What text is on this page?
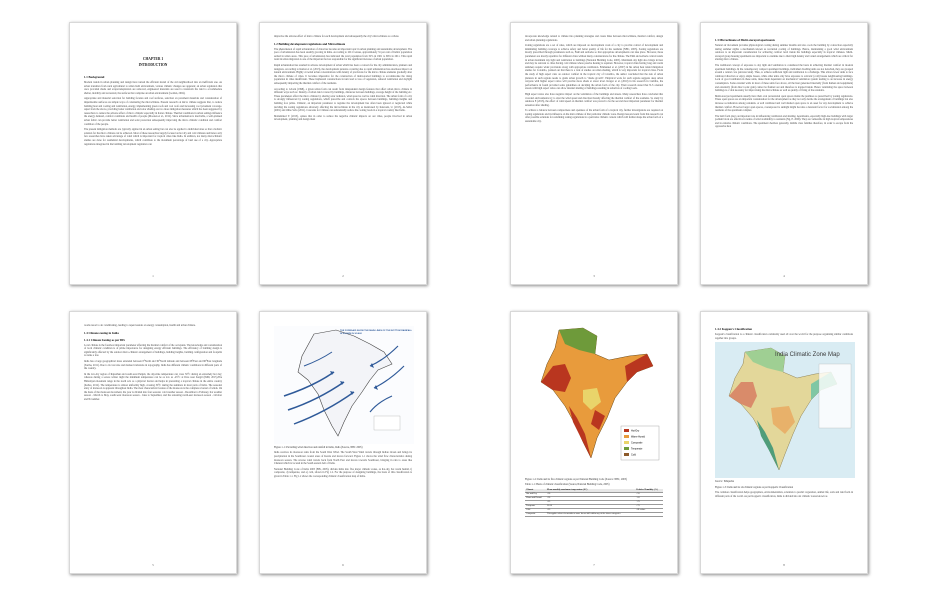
CHAPTER 1
INTRODUCTION
1.1 Background

Modern trends in urban planning and design have turned the efficient model of the old neighborhood into an inefficient one. As urban transition from rural agricultural to urban built environment, various climatic changes are apparent; an urban regulation that once provided shade and evapotranspiration are removed, engineered materials are used to transform the land to accommodate shelter, mobility and recreation; the surfaces that comprise an urban environment (Golden, 2004).

Appropriate and material selection for building facades and roof surfaces, selection on pavement materials and consideration of impermeable surfaces are simple ways of considering the microclimate. Present research on micro climate suggests that, to reduce building heat and cooling and ventilation, energy, implementing green roofs and cool roofs and increasing cool pavement coverage. Apart from the above, providing better ventilation and solar shading are two more mitigation measures which has been suggested by researchers to reduce the adverse effect of micro climatic especially in hotter climate. Thermal conditions in urban settings influence the energy demand, comfort conditions and health of people (Moonen et al., 2012). Since urbanisation is inevitable, a well-planned urban fabric can provide better ventilation and solar protection subsequently improving the micro climatic condition and comfort condition of the people.

The present mitigation methods are typically applied in an urban setting but can also be applied to individual sites so that a holistic solution for the micro climate can be achieved. Most of these researches largely focused on hot dry and cold climates and hence only few researches have taken advantage of wind which is important for tropical cities like India. In addition, not many microclimatic studies are done for residential developments, which contribute to the maximum percentage of land use of a city. Appropriate regulations integrated in the building development regulation can

1

improvise the adverse effect of micro climate for each development and subsequently the city's microclimate as a whole.

1.2 Building development regulations and Microclimate

The phenomenon of rapid urbanization of cities has become an important topic in urban planning and sustainable development. The pace of urbanization has been steadily growing in India. According to 2011 Census, approximately 31 per cent of India's population settled in urban areas. This pace of urbanization has indicated the total population from 32% in 1901 to 69% in 2011. This rapid trend in urban migration is one of the important factors responsible for the significant increase of urban population.

Rapid urbanization has resulted in adverse development of urban which has been a concern for the city administration, planners and designers. According to Kumar et al. (2013), the development patterns occurring due to rapid urbanization has enormous impact on natural environment. Highly crowded urban concentrations with density of provisions for the micro climate elements gradually alter the micro climate of cities. It becomes imperative for the construction of multi-storied buildings to accommodate the rising population in cities insufficient. These haphazard constructions in turn lead to loss of vegetation, reduced ventilation and daylight subsequently impacting the thermal comfort of the residents.

According to Givoni (1998), a given urban form can result from independent design features that affect urban micro climate in different ways such as: Density of urban land covered by buildings, distances between buildings, average height of the building etc. These parameters affect the micro climate by altering solar radiation, wind speed as well as wind direction. The urban form of a city is strongly influenced by zoning regulations, which prescribe and controls the spaces between buildings, buildings heights and building foot prints. Climatic, an important parameter to regulate the development has often been ignored or neglected while deciding the zoning regulations adversely affecting the microclimate in the city as mentioned by Kakwani, U. (2015), Al-Sallal (2001) and Ohno Sabo (2011). Concerns for Climate can substantially reduce the cooling loads in a tropical country like India.

Mohammed Y. (2013), opines that in order to reduce the negative climatic impacts on our cities, people involved in urban development, planning and design must

2

incorporate knowledge related to climate into planning strategies and create links between microclimate, thermal comfort, design and urban planning regulations.

Zoning regulations are a set of rules, which are imposed on development work of a city to provide control of development and minimizing building coverage to achieve safety and better quality of life for the residents (NBC, 2005). Zoning regulations are mostly prescribed through parameters such as, FAR and setbacks so that appropriate developments can take place. However, these parameters are mostly repetitive for different cities without many considerations for the climate. The FAR and setback control trends in urban maximum day light and ventilation to buildings (National Building Code, 2005). Maximum day light also brings in heat and may be relevant to cities having cold climate where passive heating is required. However, tropical cities having long and warm summers require wider provisions along with appropriate ventilation. Emmanuel et al. (2007) in his urban heat island mitigation studies for Colombo, pointed out that there is a lack of studies on urban shading, which is very important for tropical cities. From the study of high aspect ratio on outdoor comfort in the tropical city of Colombo, the author concluded that the rule of urban planners in such regions needs to guide urban growth to "shade growth". Empirical work for such regions suggests deep urban canyons with higher aspect ratios will provide more shade at street level. Kruger et al. (2010) in his research in Curitiba, the performance in found provided some guidelines on deciding the urban form of the city. Their research stated that N-S oriented streets with high aspect ratios can allow internal shading of buildings resulting in reduction of cooling loads.

High aspect ratios also have negative impact on the ventilation of the buildings and streets. Many researchers have concluded that crowded environments try to alter the wind speed and direction thereby affecting the thermal comfort of the residents. So study by Andreou E (2013), the effect of wind speed on thermal comfort was proved to be the second most important parameter for thermal sensation after shading.

To achieve a balance between compactness and openness of the urban form of a tropical city, further investigations are required on zoning regulations and its influence on the microclimate of that particular climatic zone. Design lessons learnt from this research can offer possible solutions for redefining zoning regulations in a particular climatic context which will further shape the urban form of a sustainable city.

3
1.3 Microclimate of Multi-storeyed apartments

Natural air movement provides physiological cooling during summer months and also cools the building by convection especially during summer nights a mechanism known as nocturnal cooling of buildings. Hence, maintaining a good wind environment outdoors is an important consideration for achieving comfort level inside the buildings especially in tropical climates. Multi-storeyed group housing apartments are important to examine due to their high density and varied arrangements which are critical for altering micro climate.

The traditional concept of exposure to day light and ventilation is considered the basis in achieving thermal comfort in modern apartment buildings. In the contemporary compact apartment buildings, individual dwelling units are not detached, they are grouped around a central core (elevator/stair). Thus, to achieve sufficient light and ventilation is a challenge. This allows fewer units to face windward direction or enjoy ample breeze, while other units only have exposure to solicatic (cold) breeze neighbouring buildings. Lack of good ventilation in these units, make them dependent on mechanical ventilation system leading to an increase in energy consumption. Some external walls in most of these units face above, all the heat generated internally (from human and equipment) and externally (from direct solar gain) cannot be flushed out and therefore is trapped inside. Hence ventilating the space between buildings is a vital necessity for improvising the microclimate as well as quality of living of the residents.

Multi-storeyed apartments usually have their own recreational open spaces inside the premises as prescribed by zoning regulations. These open spaces are an important consideration for the development as they not only decide the arrangement of buildings but also increase socialization among residents. A well ventilated and well shaded open space is an asset for any development to achieve thermal comfort. However larger open spaces, overexposed to sunlight might become a deterrent factor for socialization among the residents of the apartment complex.

The built form plays an important role in influencing ventilation and shading. Apartments, especially high-rise buildings with larger podium block are effective in terms of wind availability to residents (Ng, E. 2009). They are vulnerable in high tropical temperatures and in extreme climatic conditions. The apartment dwellers generally, middle class families therefore, in order to escape from the oppressive heat

4

rooms resort to air conditioning, leading to repercussions on energy consumption, health and urban climate.

1.4 Climate zoning in India
1.4.1 Climate Zoning as per BIS

Local climate is the foremost important parameter affecting the thermal comfort of the occupants. The knowledge and consideration of local climatic condition is of prime importance for designing energy efficient buildings. The efficiency of building design is significantly affected by the outdoor micro-climatic arrangement of buildings, building heights, building configuration and footprint to name a few.

India has a large geographical mass extended between 8°North and 36°North latitude and between 68°East and 98°East longitude (Sarma, 2011). Due to its vast size and marked variations in topography, India has different climatic conditions in different parts of the country.

In the low-dry region of Rajasthan and south-west Punjab, the day-time temperature can cross 50°C during an extremely hot day; whereas during a severe winter night the minimum temperature can be as low as -45°C at Dras near Kargil (IMD, 2015).The Himalayan mountain range in the north acts as a physical barrier and helps in preventing a tropical climate in the entire country (Kohre, 2012). The temperature is almost uniformly high, crossing 30°C during the summers in most parts of India. The seasonal entry of monsoon is apparent throughout India. The most characteristic feature of the monsoon is the complete reversal of winds. On the basis of the monsoon movement, the year is divided into four seasons: cold weather season - December to February, hot weather season - March to May, south-west monsoon season - June to September, and the retreating north-east monsoon season - October and November.

5
THE FORESAID SHOW THE MAIN LINES OF THE BOTTOM RAINFALL IS SHOWN IN SCALE

Figure 1-1: Prevailing wind direction and rainfall in India, India (Source, NBC 2005)

India receives its monsoon rains from the South West Wind. The South West Wind travels through Indian Ocean and brings its precipitation in the Southwest coastal areas of Kerala and moves forward. Figure 1-1 shows the wind flow characteristics during monsoon season. The reverse wind travels back from North East and moves towards Southwest, bringing in rain to areas like Chennai which is located in the South eastern belt of India.

National Building Code of India 2005 (BIS, 2005), divides India into five major climatic zones, as hot-dry, hot warm humid, i) composite, d) temperate, and e) cold, shown in Fig 1.2. For the purpose of designing buildings, the basis of this classification is given in Table 1.1. Fig 1.2 shows the corresponding climatic classification map of India.

6
Hot-Dry
Warm-Humid
Composite
Temperate
Cold

Figure 1-2: India and its five climatic regions as per National Building Code (Source: NBC, 2005)

Table 1-1: Basis of climatic classification (Source,National Building Code, 2005)

Climate	Mean monthly maximum temperature (0C)	Relative Humidity (%)
Hot and Dry	>30	<55
Warm and Humid	>30	>55
	>25	>75
Temperate	25-30	<75
Cold	<25	All values
Composite	This applies when six months or more do not fall within any of the above categories	
7
1.4.2 Koppen's Classification

Koppen's classification is a climatic classification commonly used all over the world for the purpose organizing similar conditions together into groups.

India Climatic Zone Map

Source: Wikipedia

Figure 1-3: India and its six climatic regions as per Koppen's Classification

The common classification helps geographers, environmentalists, scientists to predict vegetation, animal life, soils and land form in different parts of the world. As per Koppen's classification, India is divided into six climatic zones known as

8
